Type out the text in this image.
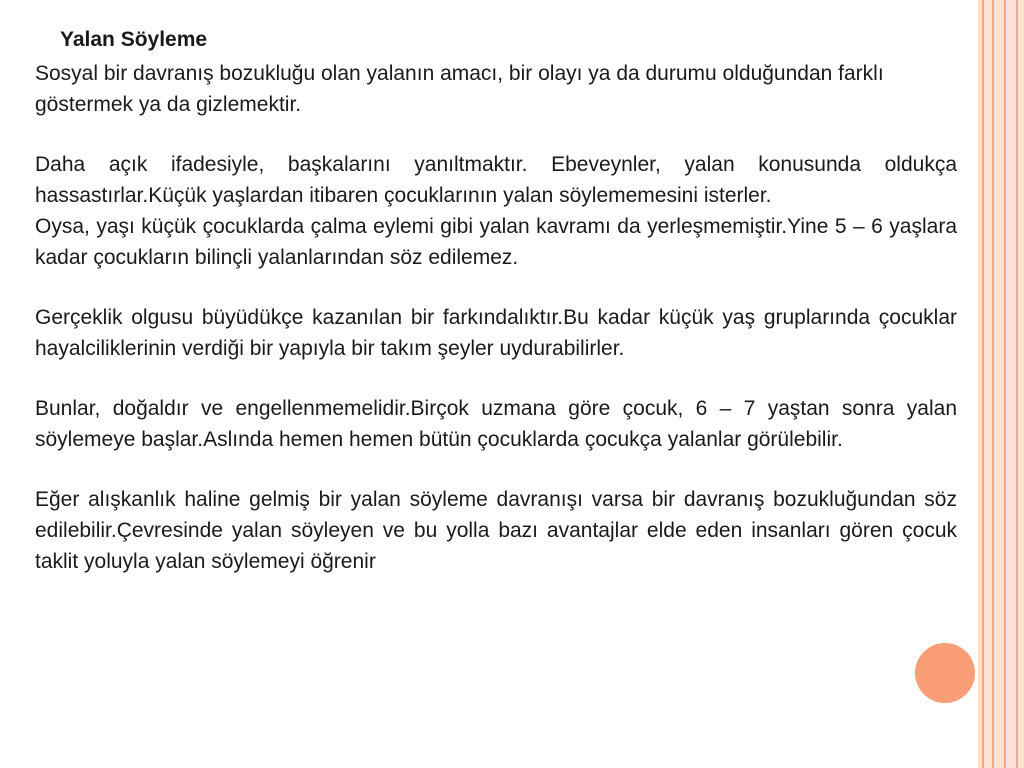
Yalan Söyleme

Sosyal bir davranış bozukluğu olan yalanın amacı, bir olayı ya da durumu olduğundan farklı göstermek ya da gizlemektir.

Daha açık ifadesiyle, başkalarını yanıltmaktır. Ebeveynler, yalan konusunda oldukça hassastırlar.Küçük yaşlardan itibaren çocuklarının yalan söylememesini isterler.

Oysa, yaşı küçük çocuklarda çalma eylemi gibi yalan kavramı da yerleşmemiştir.Yine 5 – 6 yaşlara kadar çocukların bilinçli yalanlarından söz edilemez.

Gerçeklik olgusu büyüdükçe kazanılan bir farkındalıktır.Bu kadar küçük yaş gruplarında çocuklar hayalciliklerinin verdiği bir yapıyla bir takım şeyler uydurabilirler.

Bunlar, doğaldır ve engellenmemelidir.Birçok uzmana göre çocuk, 6 – 7 yaştan sonra yalan söylemeye başlar.Aslında hemen hemen bütün çocuklarda çocukça yalanlar görülebilir.

Eğer alışkanlık haline gelmiş bir yalan söyleme davranışı varsa bir davranış bozukluğundan söz edilebilir.Çevresinde yalan söyleyen ve bu yolla bazı avantajlar elde eden insanları gören çocuk taklit yoluyla yalan söylemeyi öğrenir
